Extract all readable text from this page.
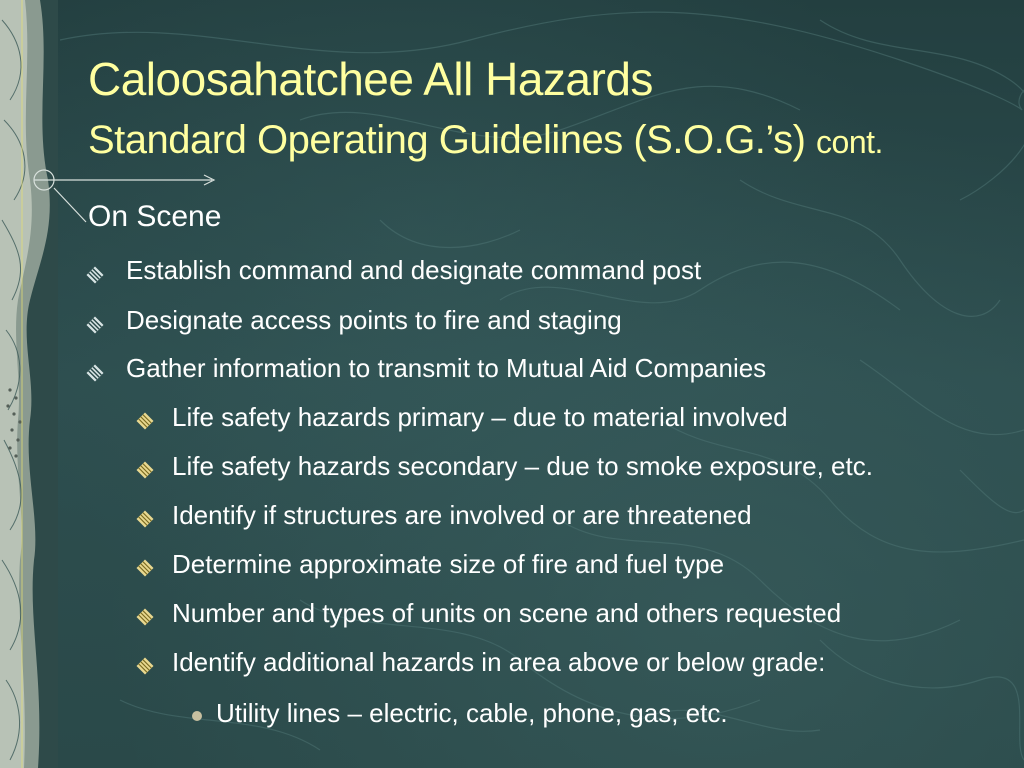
Caloosahatchee All Hazards
Standard Operating Guidelines (S.O.G.’s) cont.
On Scene
Establish command and designate command post
Designate access points to fire and staging
Gather information to transmit to Mutual Aid Companies
Life safety hazards primary – due to material involved
Life safety hazards secondary – due to smoke exposure, etc.
Identify if structures are involved or are threatened
Determine approximate size of fire and fuel type
Number and types of units on scene and others requested
Identify additional hazards in area above or below grade:
Utility lines – electric, cable, phone, gas, etc.
